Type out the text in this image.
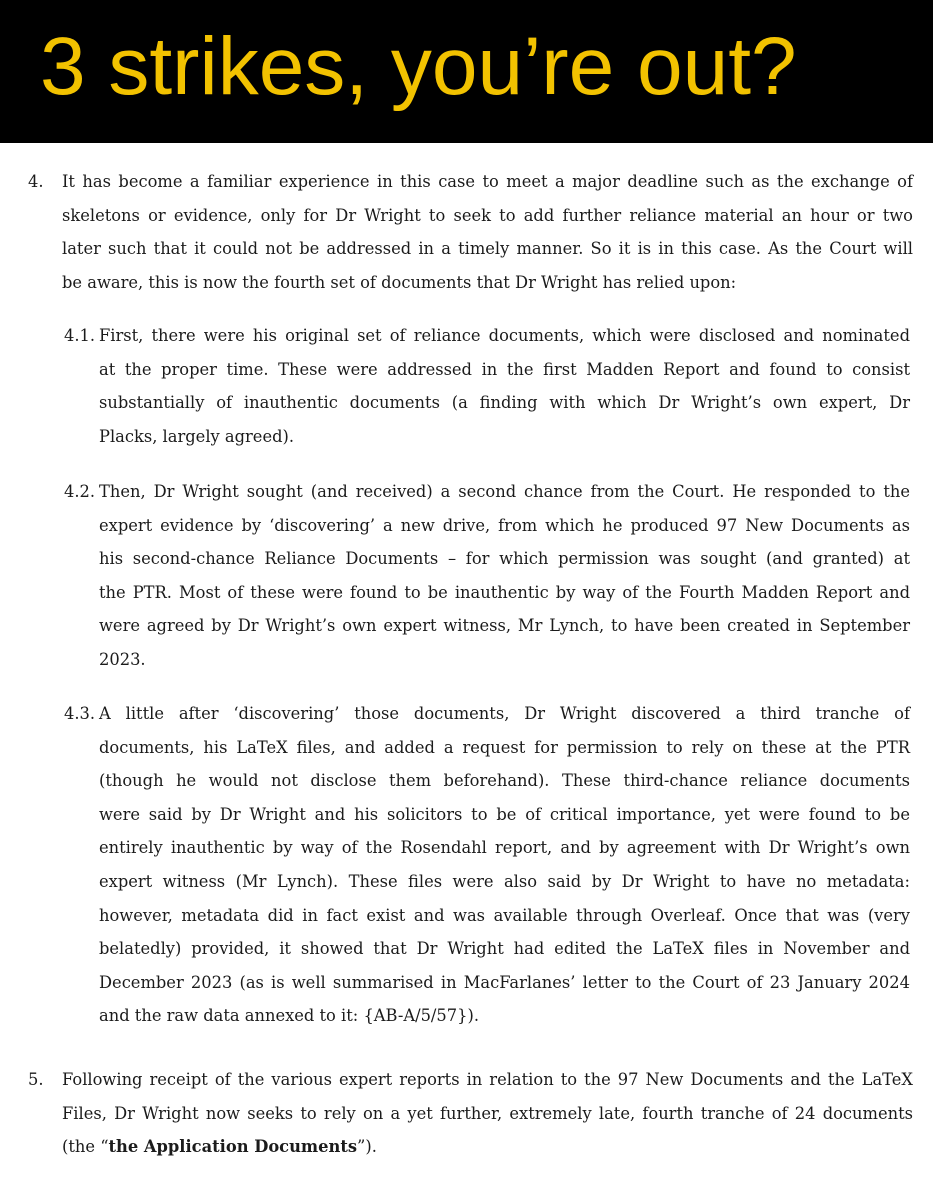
3 strikes, you’re out?
4. It has become a familiar experience in this case to meet a major deadline such as the exchange of
skeletons or evidence, only for Dr Wright to seek to add further reliance material an hour or two
later such that it could not be addressed in a timely manner. So it is in this case. As the Court will
be aware, this is now the fourth set of documents that Dr Wright has relied upon:
4.1. First, there were his original set of reliance documents, which were disclosed and nominated
at the proper time. These were addressed in the first Madden Report and found to consist
substantially of inauthentic documents (a finding with which Dr Wright’s own expert, Dr
Placks, largely agreed).
4.2. Then, Dr Wright sought (and received) a second chance from the Court. He responded to the
expert evidence by ‘discovering’ a new drive, from which he produced 97 New Documents as
his second-chance Reliance Documents – for which permission was sought (and granted) at
the PTR. Most of these were found to be inauthentic by way of the Fourth Madden Report and
were agreed by Dr Wright’s own expert witness, Mr Lynch, to have been created in September
2023.
4.3. A little after ‘discovering’ those documents, Dr Wright discovered a third tranche of
documents, his LaTeX files, and added a request for permission to rely on these at the PTR
(though he would not disclose them beforehand). These third-chance reliance documents
were said by Dr Wright and his solicitors to be of critical importance, yet were found to be
entirely inauthentic by way of the Rosendahl report, and by agreement with Dr Wright’s own
expert witness (Mr Lynch). These files were also said by Dr Wright to have no metadata:
however, metadata did in fact exist and was available through Overleaf. Once that was (very
belatedly) provided, it showed that Dr Wright had edited the LaTeX files in November and
December 2023 (as is well summarised in MacFarlanes’ letter to the Court of 23 January 2024
and the raw data annexed to it: {AB-A/5/57}).
5. Following receipt of the various expert reports in relation to the 97 New Documents and the LaTeX
Files, Dr Wright now seeks to rely on a yet further, extremely late, fourth tranche of 24 documents
(the “the Application Documents”).
